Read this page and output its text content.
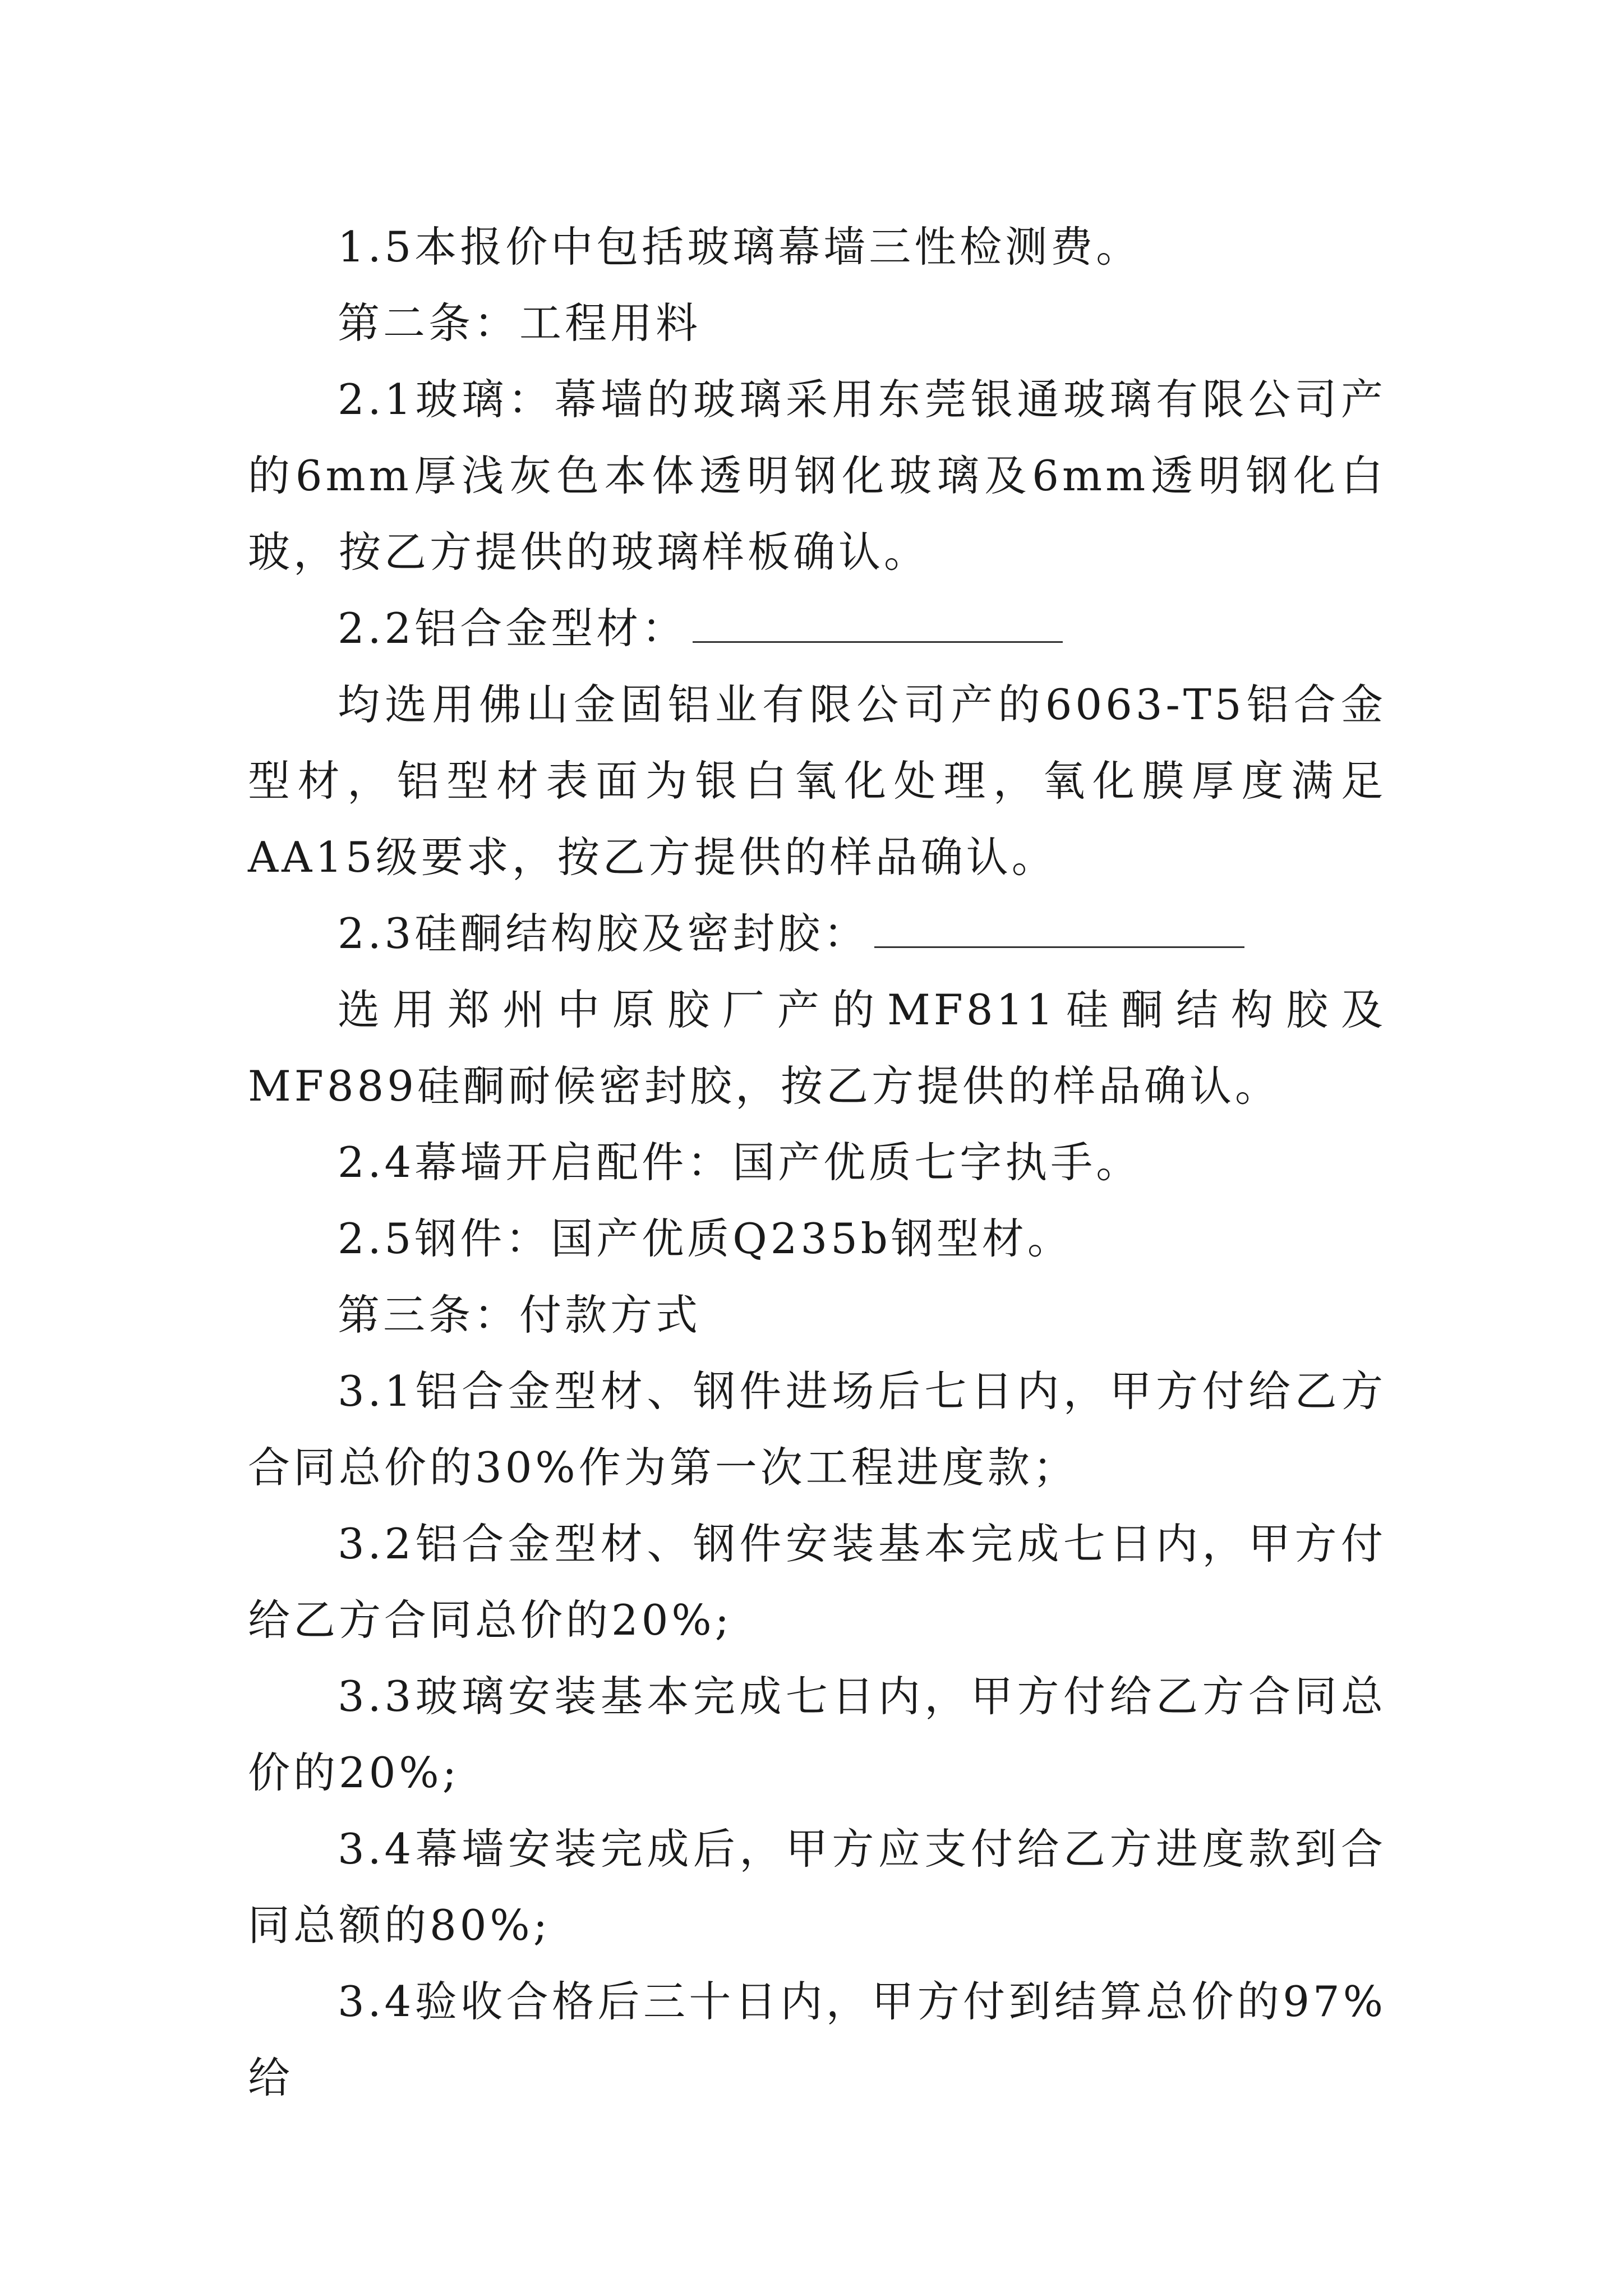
1.5本报价中包括玻璃幕墙三性检测费。

第二条：工程用料

2.1玻璃：幕墙的玻璃采用东莞银通玻璃有限公司产的6mm厚浅灰色本体透明钢化玻璃及6mm透明钢化白玻，按乙方提供的玻璃样板确认。

2.2铝合金型材：

均选用佛山金固铝业有限公司产的6063-T5铝合金型材，铝型材表面为银白氧化处理，氧化膜厚度满足AA15级要求，按乙方提供的样品确认。

2.3硅酮结构胶及密封胶：

选用郑州中原胶厂产的MF811硅酮结构胶及MF889硅酮耐候密封胶，按乙方提供的样品确认。

2.4幕墙开启配件：国产优质七字执手。

2.5钢件：国产优质Q235b钢型材。

第三条：付款方式

3.1铝合金型材、钢件进场后七日内，甲方付给乙方合同总价的30%作为第一次工程进度款；

3.2铝合金型材、钢件安装基本完成七日内，甲方付给乙方合同总价的20%;

3.3玻璃安装基本完成七日内，甲方付给乙方合同总价的20%;

3.4幕墙安装完成后，甲方应支付给乙方进度款到合同总额的80%;

3.4验收合格后三十日内，甲方付到结算总价的97%给
